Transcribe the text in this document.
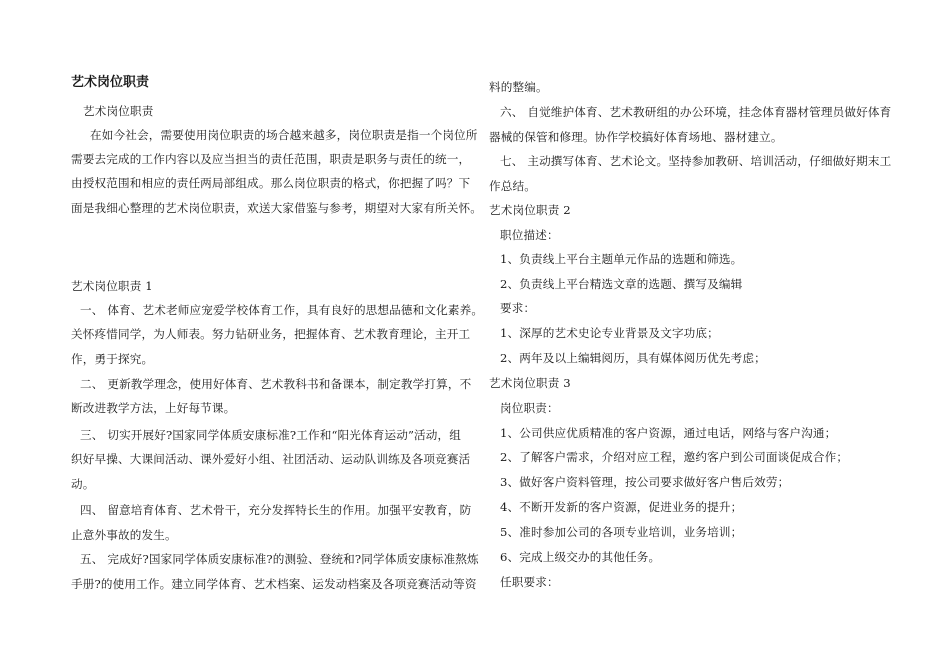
艺术岗位职责
艺术岗位职责
在如今社会，需要使用岗位职责的场合越来越多，岗位职责是指一个岗位所
需要去完成的工作内容以及应当担当的责任范围，职责是职务与责任的统一，
由授权范围和相应的责任两局部组成。那么岗位职责的格式，你把握了吗？下
面是我细心整理的艺术岗位职责，欢送大家借鉴与参考，期望对大家有所关怀。
艺术岗位职责 1
一、 体育、艺术老师应宠爱学校体育工作，具有良好的思想品德和文化素养。
关怀疼惜同学，为人师表。努力钻研业务，把握体育、艺术教育理论，主开工
作，勇于探究。
二、 更新教学理念，使用好体育、艺术教科书和备课本，制定教学打算，不
断改进教学方法，上好每节课。
三、 切实开展好?国家同学体质安康标准?工作和“阳光体育运动”活动，组
织好早操、大课间活动、课外爱好小组、社团活动、运动队训练及各项竞赛活
动。
四、 留意培育体育、艺术骨干，充分发挥特长生的作用。加强平安教育，防
止意外事故的发生。
五、 完成好?国家同学体质安康标准?的测验、登统和?同学体质安康标准熬炼
手册?的使用工作。建立同学体育、艺术档案、运发动档案及各项竞赛活动等资
料的整编。
六、 自觉维护体育、艺术教研组的办公环境，挂念体育器材管理员做好体育
器械的保管和修理。协作学校搞好体育场地、器材建立。
七、 主动撰写体育、艺术论文。坚持参加教研、培训活动，仔细做好期末工
作总结。
艺术岗位职责 2
职位描述：
1、负责线上平台主题单元作品的选题和筛选。
2、负责线上平台精选文章的选题、撰写及编辑
要求：
1、深厚的艺术史论专业背景及文字功底；
2、两年及以上编辑阅历，具有媒体阅历优先考虑；
艺术岗位职责 3
岗位职责：
1、公司供应优质精准的客户资源，通过电话，网络与客户沟通；
2、了解客户需求，介绍对应工程，邀约客户到公司面谈促成合作；
3、做好客户资料管理，按公司要求做好客户售后效劳；
4、不断开发新的客户资源，促进业务的提升；
5、准时参加公司的各项专业培训，业务培训；
6、完成上级交办的其他任务。
任职要求：
